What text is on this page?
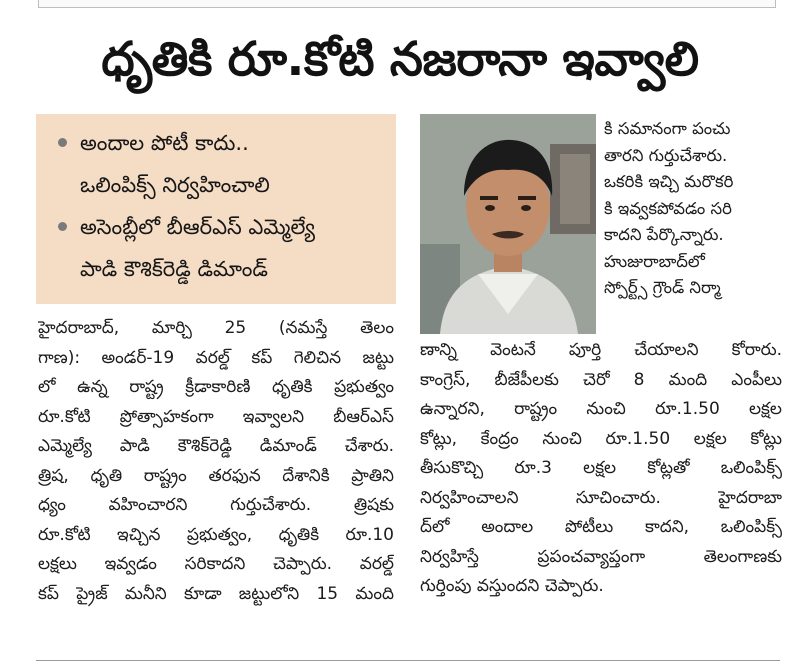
ధృతికి రూ.కోటి నజరానా ఇవ్వాలి
అందాల పోటీ కాదు..
ఒలింపిక్స్ నిర్వహించాలి
అసెంబ్లీలో బీఆర్ఎస్ ఎమ్మెల్యే
పాడి కౌశిక్‌రెడ్డి డిమాండ్
కి సమానంగా పంచు
తారని గుర్తుచేశారు.
ఒకరికి ఇచ్చి మరొకరి
కి ఇవ్వకపోవడం సరి
కాదని పేర్కొన్నారు.
హుజురాబాద్‌లో
స్పోర్ట్స్ గ్రౌండ్ నిర్మా
హైదరాబాద్, మార్చి 25 (నమస్తే తెలం
గాణ): అండర్-19 వరల్డ్ కప్ గెలిచిన జట్టు
లో ఉన్న రాష్ట్ర క్రీడాకారిణి ధృతికి ప్రభుత్వం
రూ.కోటి ప్రోత్సాహకంగా ఇవ్వాలని బీఆర్ఎస్
ఎమ్మెల్యే పాడి కౌశిక్‌రెడ్డి డిమాండ్ చేశారు.
త్రిష, ధృతి రాష్ట్రం తరఫున దేశానికి ప్రాతిని
ధ్యం వహించారని గుర్తుచేశారు. త్రిషకు
రూ.కోటి ఇచ్చిన ప్రభుత్వం, ధృతికి రూ.10
లక్షలు ఇవ్వడం సరికాదని చెప్పారు. వరల్డ్
కప్ ప్రైజ్ మనీని కూడా జట్టులోని 15 మంది
ణాన్ని వెంటనే పూర్తి చేయాలని కోరారు.
కాంగ్రెస్, బీజేపీలకు చెరో 8 మంది ఎంపీలు
ఉన్నారని, రాష్ట్రం నుంచి రూ.1.50 లక్షల
కోట్లు, కేంద్రం నుంచి రూ.1.50 లక్షల కోట్లు
తీసుకొచ్చి రూ.3 లక్షల కోట్లతో ఒలింపిక్స్
నిర్వహించాలని సూచించారు. హైదరాబా
ద్‌లో అందాల పోటీలు కాదని, ఒలింపిక్స్
నిర్వహిస్తే ప్రపంచవ్యాప్తంగా తెలంగాణకు
గుర్తింపు వస్తుందని చెప్పారు.
